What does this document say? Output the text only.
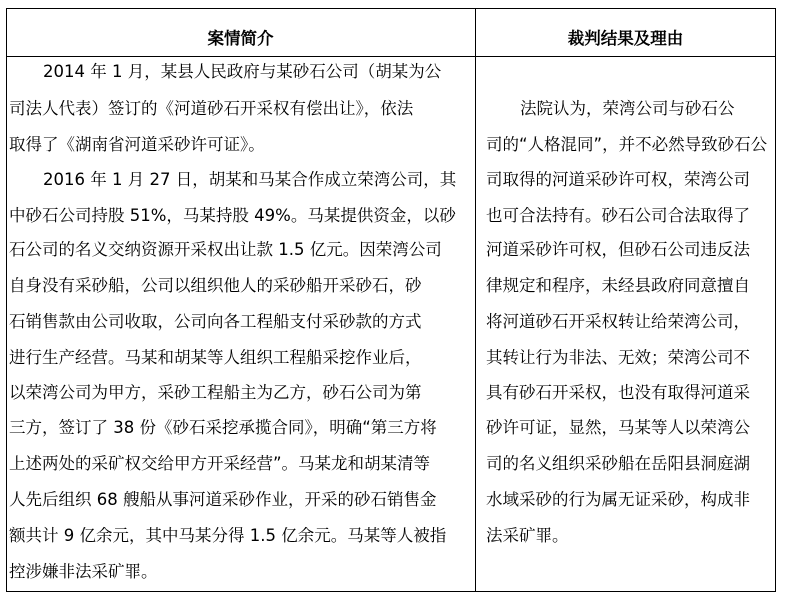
案情简介	裁判结果及理由
2014 年 1 月，某县人民政府与某砂石公司（胡某为公
司法人代表）签订的《河道砂石开采权有偿出让》，依法
取得了《湖南省河道采砂许可证》。
2016 年 1 月 27 日，胡某和马某合作成立荣湾公司，其
中砂石公司持股 51%，马某持股 49%。马某提供资金，以砂
石公司的名义交纳资源开采权出让款 1.5 亿元。因荣湾公司
自身没有采砂船，公司以组织他人的采砂船开采砂石，砂
石销售款由公司收取，公司向各工程船支付采砂款的方式
进行生产经营。马某和胡某等人组织工程船采挖作业后，
以荣湾公司为甲方，采砂工程船主为乙方，砂石公司为第
三方，签订了 38 份《砂石采挖承揽合同》，明确“第三方将
上述两处的采矿权交给甲方开采经营”。马某龙和胡某清等
人先后组织 68 艘船从事河道采砂作业，开采的砂石销售金
额共计 9 亿余元，其中马某分得 1.5 亿余元。马某等人被指
控涉嫌非法采矿罪。
法院认为，荣湾公司与砂石公
司的“人格混同”，并不必然导致砂石公
司取得的河道采砂许可权，荣湾公司
也可合法持有。砂石公司合法取得了
河道采砂许可权，但砂石公司违反法
律规定和程序，未经县政府同意擅自
将河道砂石开采权转让给荣湾公司，
其转让行为非法、无效；荣湾公司不
具有砂石开采权，也没有取得河道采
砂许可证，显然，马某等人以荣湾公
司的名义组织采砂船在岳阳县洞庭湖
水域采砂的行为属无证采砂，构成非
法采矿罪。
